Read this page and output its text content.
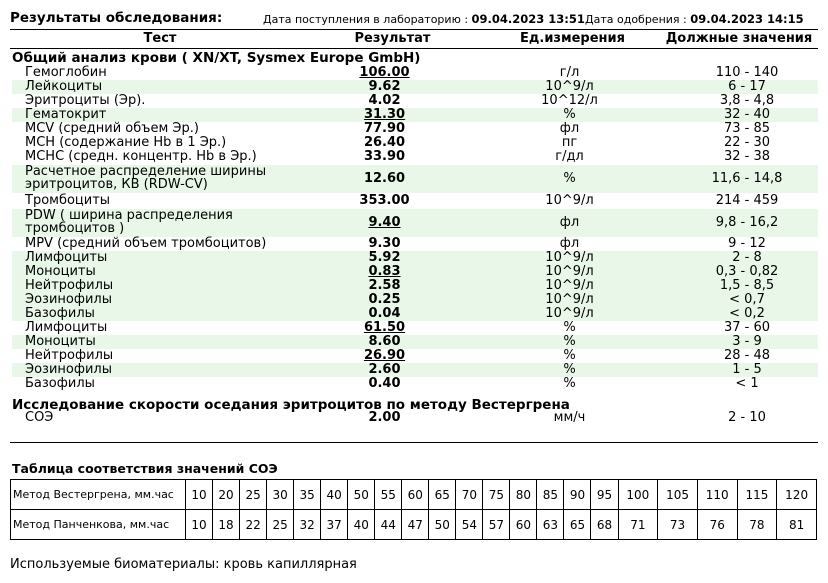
Результаты обследования:	Дата поступления в лабораторию : 09.04.2023 13:51 Дата одобрения : 09.04.2023 14:15
Тест	Результат	Ед.измерения	Должные значения
Общий анализ крови ( XN/XT, Sysmex Europe GmbH)
Гемоглобин	106.00	г/л	110 - 140
Лейкоциты	9.62	10^9/л	6 - 17
Эритроциты (Эр).	4.02	10^12/л	3,8 - 4,8
Гематокрит	31.30	%	32 - 40
MCV (средний объем Эр.)	77.90	фл	73 - 85
MCH (содержание Hb в 1 Эр.)	26.40	пг	22 - 30
MCHC (средн. концентр. Hb в Эр.)	33.90	г/дл	32 - 38
Расчетное распределение ширины эритроцитов, КВ (RDW-CV)	12.60	%	11,6 - 14,8
Тромбоциты	353.00	10^9/л	214 - 459
PDW ( ширина распределения тромбоцитов )	9.40	фл	9,8 - 16,2
MPV (средний объем тромбоцитов)	9.30	фл	9 - 12
Лимфоциты	5.92	10^9/л	2 - 8
Моноциты	0.83	10^9/л	0,3 - 0,82
Нейтрофилы	2.58	10^9/л	1,5 - 8,5
Эозинофилы	0.25	10^9/л	< 0,7
Базофилы	0.04	10^9/л	< 0,2
Лимфоциты	61.50	%	37 - 60
Моноциты	8.60	%	3 - 9
Нейтрофилы	26.90	%	28 - 48
Эозинофилы	2.60	%	1 - 5
Базофилы	0.40	%	< 1
Исследование скорости оседания эритроцитов по методу Вестергрена
СОЭ	2.00	мм/ч	2 - 10
Таблица соответствия значений СОЭ
Метод Вестергрена, мм.час	10	20	25	30	35	40	50	55	60	65	70	75	80	85	90	95	100	105	110	115	120
Метод Панченкова, мм.час	10	18	22	25	32	37	40	44	47	50	54	57	60	63	65	68	71	73	76	78	81
Используемые биоматериалы: кровь капиллярная
